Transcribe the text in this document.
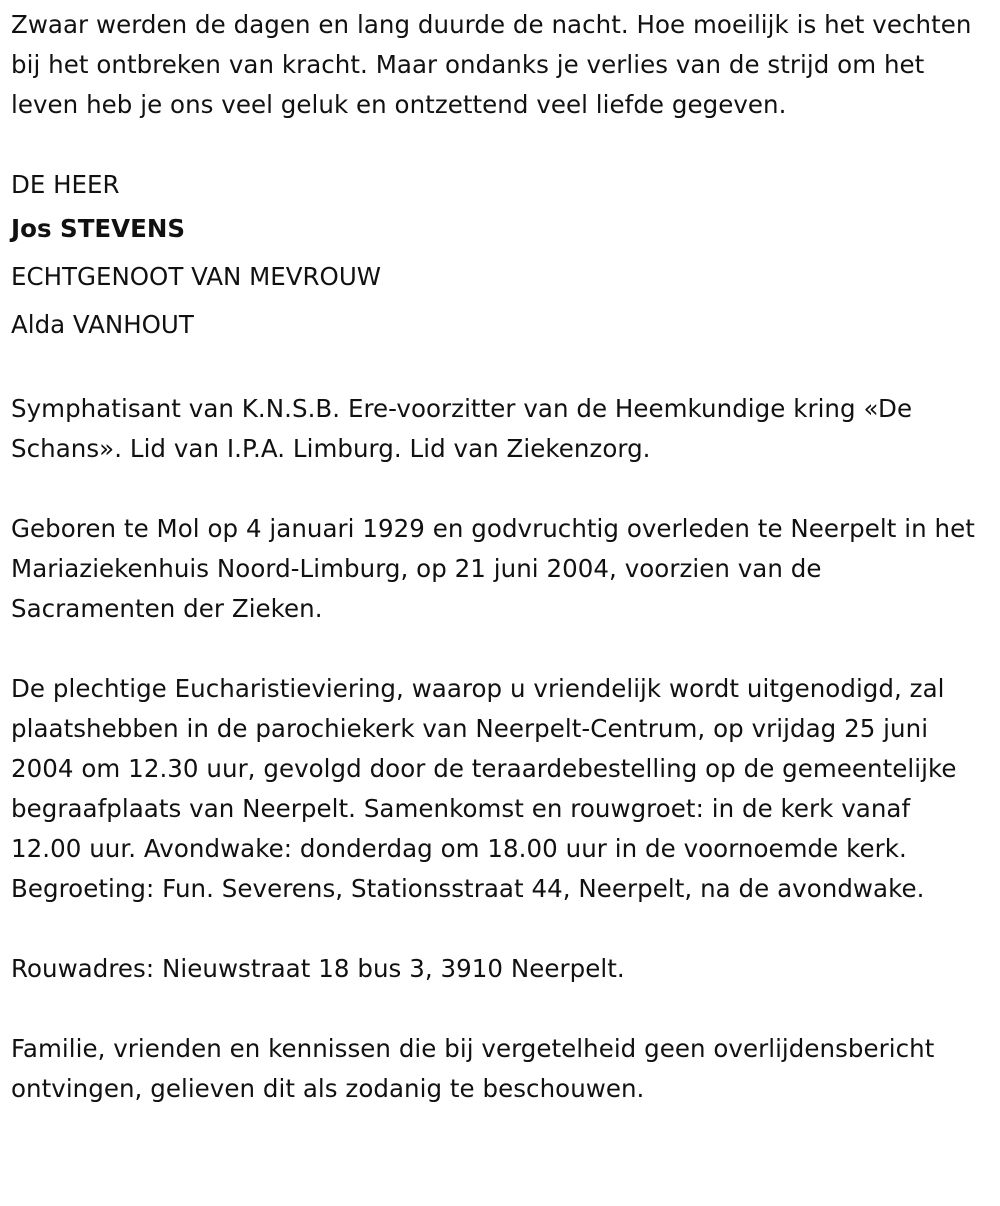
Zwaar werden de dagen en lang duurde de nacht. Hoe moeilijk is het vechten bij het ontbreken van kracht. Maar ondanks je verlies van de strijd om het leven heb je ons veel geluk en ontzettend veel liefde gegeven.

DE HEER

Jos STEVENS

ECHTGENOOT VAN MEVROUW

Alda VANHOUT

Symphatisant van K.N.S.B. Ere-voorzitter van de Heemkundige kring «De Schans». Lid van I.P.A. Limburg. Lid van Ziekenzorg.

Geboren te Mol op 4 januari 1929 en godvruchtig overleden te Neerpelt in het Mariaziekenhuis Noord-Limburg, op 21 juni 2004, voorzien van de Sacramenten der Zieken.

De plechtige Eucharistieviering, waarop u vriendelijk wordt uitgenodigd, zal plaatshebben in de parochiekerk van Neerpelt-Centrum, op vrijdag 25 juni 2004 om 12.30 uur, gevolgd door de teraardebestelling op de gemeentelijke begraafplaats van Neerpelt. Samenkomst en rouwgroet: in de kerk vanaf 12.00 uur. Avondwake: donderdag om 18.00 uur in de voornoemde kerk. Begroeting: Fun. Severens, Stationsstraat 44, Neerpelt, na de avondwake.

Rouwadres: Nieuwstraat 18 bus 3, 3910 Neerpelt.

Familie, vrienden en kennissen die bij vergetelheid geen overlijdensbericht ontvingen, gelieven dit als zodanig te beschouwen.
